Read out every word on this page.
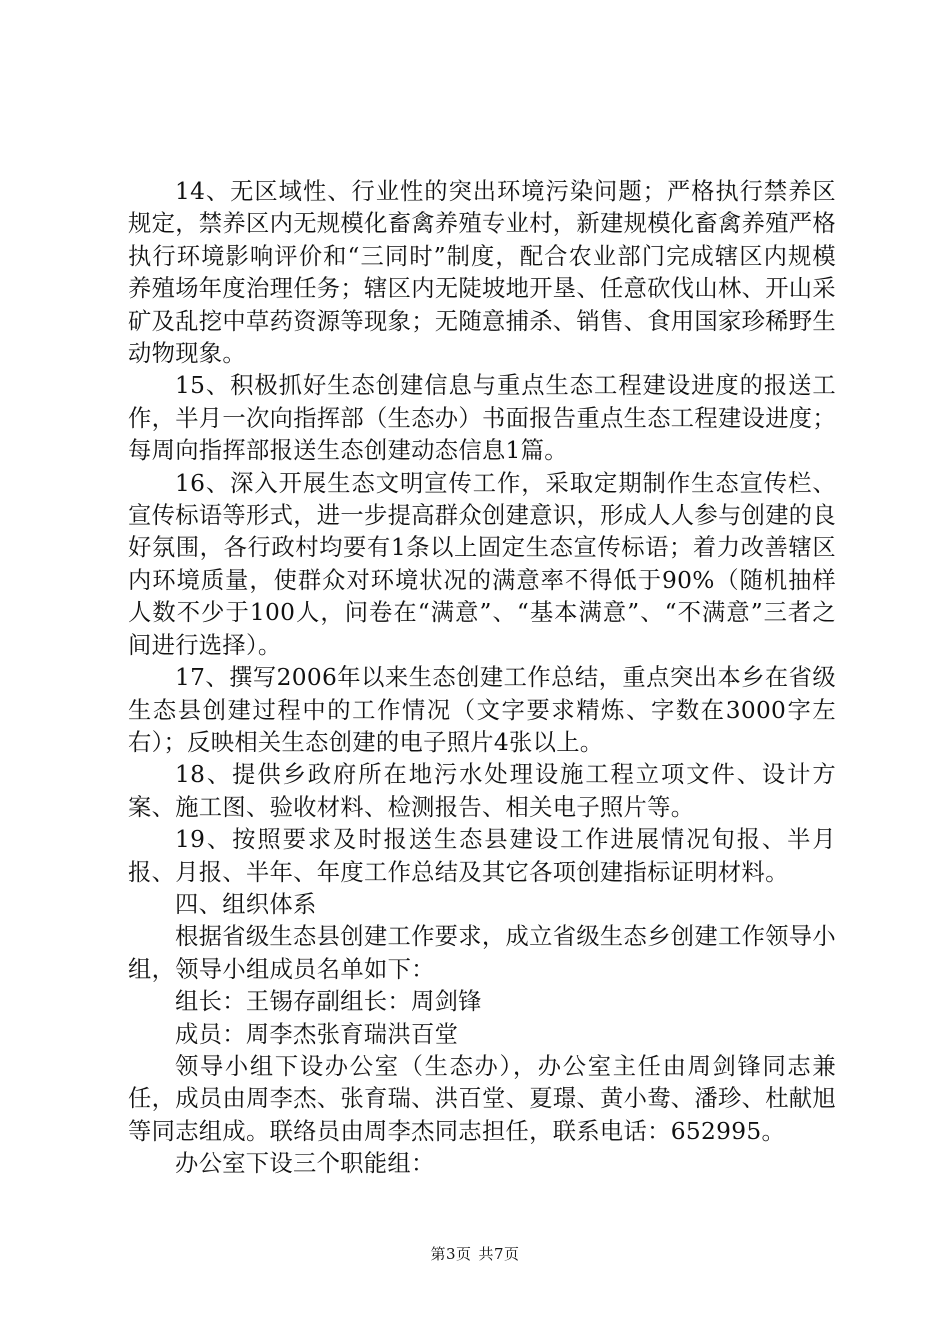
14、无区域性、行业性的突出环境污染问题；严格执行禁养区规定，禁养区内无规模化畜禽养殖专业村，新建规模化畜禽养殖严格执行环境影响评价和“三同时”制度，配合农业部门完成辖区内规模养殖场年度治理任务；辖区内无陡坡地开垦、任意砍伐山林、开山采矿及乱挖中草药资源等现象；无随意捕杀、销售、食用国家珍稀野生动物现象。

15、积极抓好生态创建信息与重点生态工程建设进度的报送工作，半月一次向指挥部（生态办）书面报告重点生态工程建设进度；每周向指挥部报送生态创建动态信息1篇。

16、深入开展生态文明宣传工作，采取定期制作生态宣传栏、宣传标语等形式，进一步提高群众创建意识，形成人人参与创建的良好氛围，各行政村均要有1条以上固定生态宣传标语；着力改善辖区内环境质量，使群众对环境状况的满意率不得低于90%（随机抽样人数不少于100人，问卷在“满意”、“基本满意”、“不满意”三者之间进行选择）。

17、撰写2006年以来生态创建工作总结，重点突出本乡在省级生态县创建过程中的工作情况（文字要求精炼、字数在3000字左右）；反映相关生态创建的电子照片4张以上。

18、提供乡政府所在地污水处理设施工程立项文件、设计方案、施工图、验收材料、检测报告、相关电子照片等。

19、按照要求及时报送生态县建设工作进展情况旬报、半月报、月报、半年、年度工作总结及其它各项创建指标证明材料。

四、组织体系

根据省级生态县创建工作要求，成立省级生态乡创建工作领导小组，领导小组成员名单如下：

组长：王锡存副组长：周剑锋

成员：周李杰张育瑞洪百堂

领导小组下设办公室（生态办），办公室主任由周剑锋同志兼任，成员由周李杰、张育瑞、洪百堂、夏璟、黄小鸯、潘珍、杜献旭等同志组成。联络员由周李杰同志担任，联系电话：652995。

办公室下设三个职能组：

第3页 共7页
